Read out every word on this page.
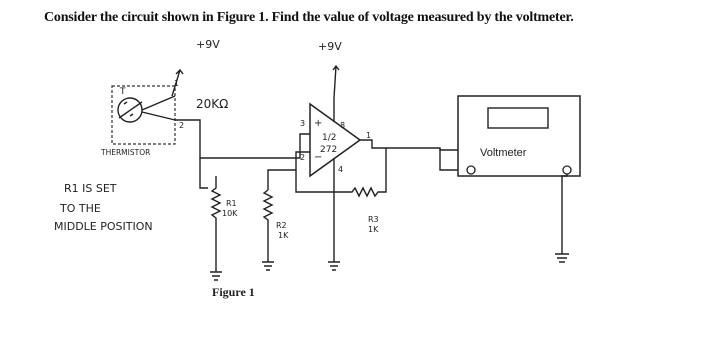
Consider the circuit shown in Figure 1. Find the value of voltage measured by the voltmeter.

+9V	+9V
T
1
2
THERMISTOR
20KΩ
R1 IS SET
TO THE
MIDDLE POSITION
R1
10K
+
−
1/2
272
3
2
8
4
1
R2
1K
R3
1K
Voltmeter
Figure 1
